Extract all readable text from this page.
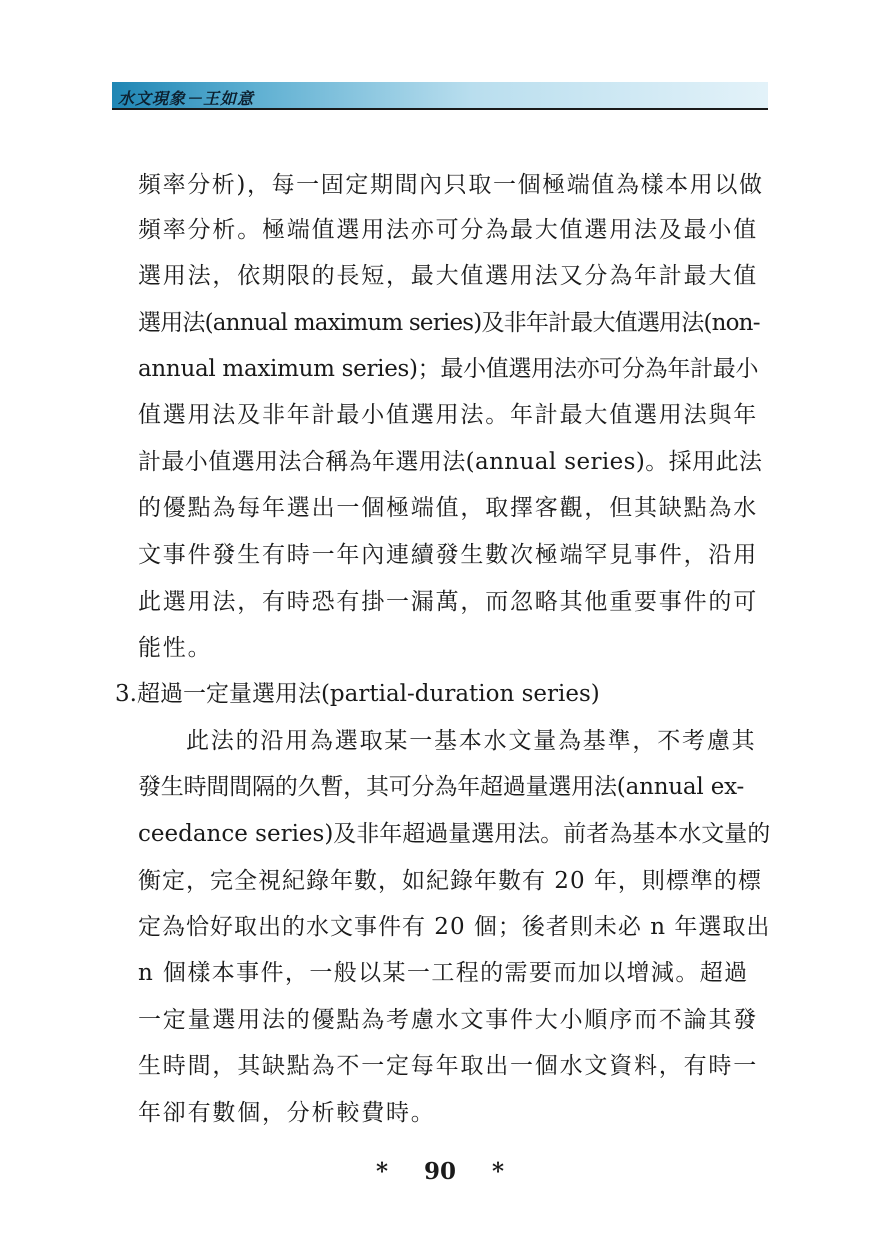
水文現象－王如意
頻率分析)，每一固定期間內只取一個極端值為樣本用以做
頻率分析。極端值選用法亦可分為最大值選用法及最小值
選用法，依期限的長短，最大值選用法又分為年計最大值
選用法(annual maximum series)及非年計最大值選用法(non-
annual maximum series)；最小值選用法亦可分為年計最小
值選用法及非年計最小值選用法。年計最大值選用法與年
計最小值選用法合稱為年選用法(annual series)。採用此法
的優點為每年選出一個極端值，取擇客觀，但其缺點為水
文事件發生有時一年內連續發生數次極端罕見事件，沿用
此選用法，有時恐有掛一漏萬，而忽略其他重要事件的可
能性。
3.超過一定量選用法(partial-duration series)
此法的沿用為選取某一基本水文量為基準，不考慮其
發生時間間隔的久暫，其可分為年超過量選用法(annual ex-
ceedance series)及非年超過量選用法。前者為基本水文量的
衡定，完全視紀錄年數，如紀錄年數有 20 年，則標準的標
定為恰好取出的水文事件有 20 個；後者則未必 n 年選取出
n 個樣本事件，一般以某一工程的需要而加以增減。超過
一定量選用法的優點為考慮水文事件大小順序而不論其發
生時間，其缺點為不一定每年取出一個水文資料，有時一
年卻有數個，分析較費時。
* 90 *
